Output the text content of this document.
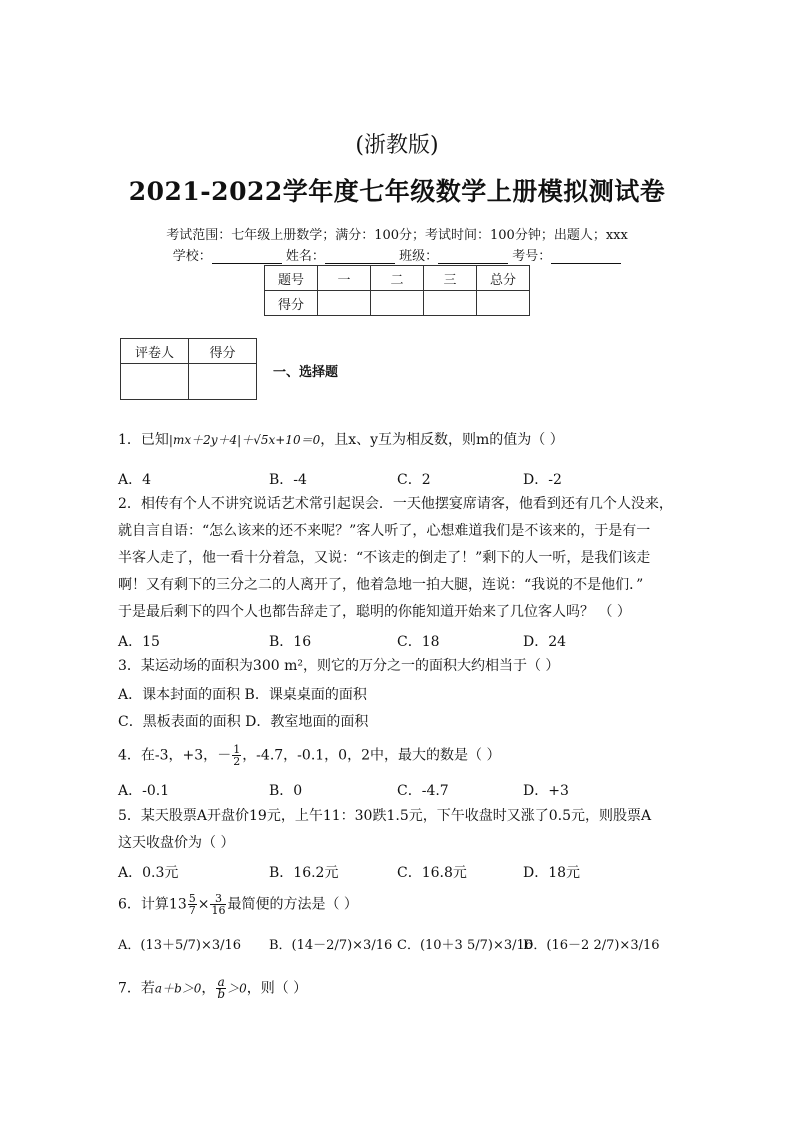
(浙教版)
2021-2022学年度七年级数学上册模拟测试卷
考试范围：七年级上册数学；满分：100分；考试时间：100分钟；出题人；xxx
学校：	姓名：	班级：	考号：
题号	一	二	三	总分
得分				
评卷人	得分

一、选择题
1．已知|mx＋2y＋4|＋√5x+10＝0，且x、y互为相反数，则m的值为（ ）
A．4	B．-4	C．2	D．-2
2．相传有个人不讲究说话艺术常引起误会．一天他摆宴席请客，他看到还有几个人没来，
就自言自语：“怎么该来的还不来呢？”客人听了，心想难道我们是不该来的，于是有一
半客人走了，他一看十分着急，又说：“不该走的倒走了！”剩下的人一听，是我们该走
啊！又有剩下的三分之二的人离开了，他着急地一拍大腿，连说：“我说的不是他们．”
于是最后剩下的四个人也都告辞走了，聪明的你能知道开始来了几位客人吗？ （ ）
A．15	B．16	C．18	D．24
3．某运动场的面积为300 m²，则它的万分之一的面积大约相当于（ ）
A．课本封面的面积 B．课桌桌面的面积
C．黑板表面的面积 D．教室地面的面积
4．在-3，+3，－ $\frac{1}{2}$ ，-4.7，-0.1，0，2中，最大的数是（ ）
A．-0.1	B．0	C．-4.7	D．+3
5．某天股票A开盘价19元，上午11：30跌1.5元，下午收盘时又涨了0.5元，则股票A
这天收盘价为（ ）
A．0.3元	B．16.2元	C．16.8元	D．18元
6．计算$13 \frac{5}{7} \times \frac{3}{16}$ 最简便的方法是（ ）
A．(13＋5/7)×3/16 B．(14－2/7)×3/16 C．(10＋3 5/7)×3/16
D．(16－2 2/7)×3/16
7．若a＋b＞0， $\frac{a}{b} >0$，则（ ）
